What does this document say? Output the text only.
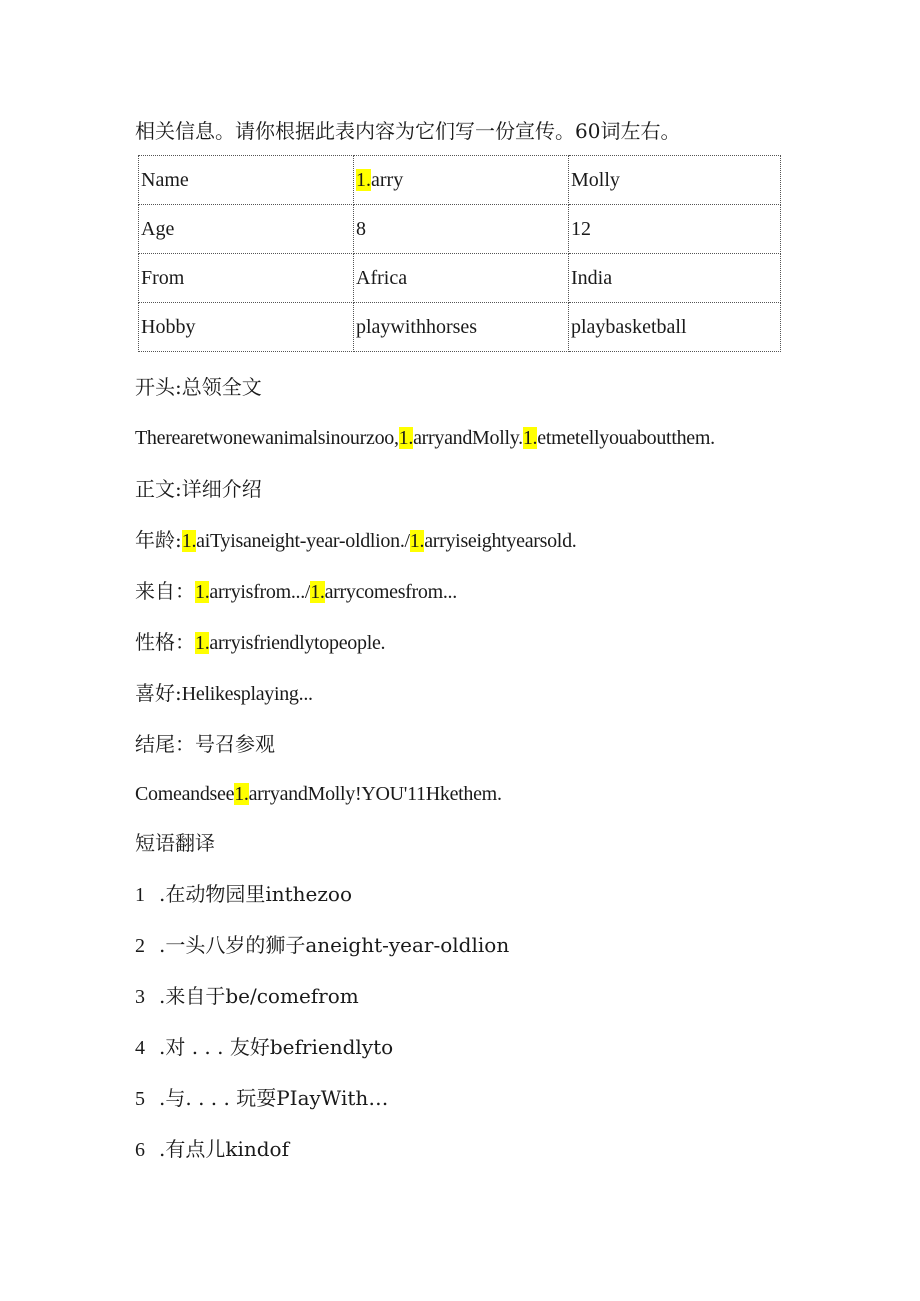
相关信息。请你根据此表内容为它们写一份宣传。60词左右。
Name	1.arry	Molly
Age	8	12
From	Africa	India
Hobby	playwithhorses	playbasketball
开头:总领全文
Therearetwonewanimalsinourzoo,1.arryandMolly.1.etmetellyouaboutthem.
正文:详细介绍
年龄:1.aiTyisaneight-year-oldlion./1.arryiseightyearsold.
来自：1.arryisfrom.../1.arrycomesfrom...
性格：1.arryisfriendlytopeople.
喜好:Helikesplaying...
结尾：号召参观
Comeandsee1.arryandMolly!YOU'11Hkethem.
短语翻译
1 .在动物园里inthezoo
2 .一头八岁的狮子aneight-year-oldlion
3 .来自于be/comefrom
4 .对 . . . 友好befriendlyto
5 .与. . . . 玩耍PIayWith…
6 .有点儿kindof
